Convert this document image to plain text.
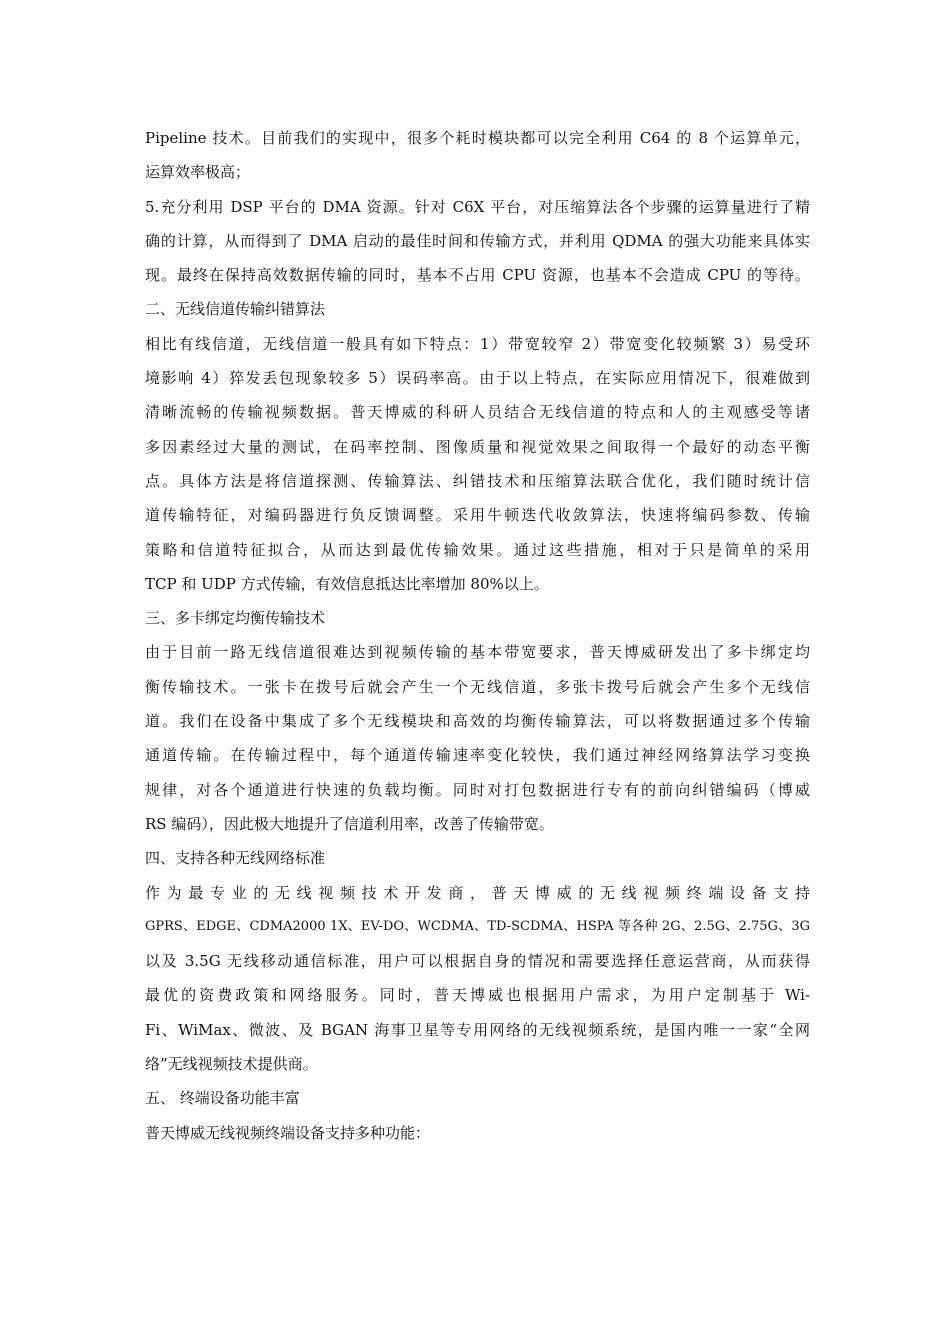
Pipeline 技术。目前我们的实现中，很多个耗时模块都可以完全利用 C64 的 8 个运算单元，
运算效率极高；
5.充分利用 DSP 平台的 DMA 资源。针对 C6X 平台，对压缩算法各个步骤的运算量进行了精
确的计算，从而得到了 DMA 启动的最佳时间和传输方式，并利用 QDMA 的强大功能来具体实
现。最终在保持高效数据传输的同时，基本不占用 CPU 资源，也基本不会造成 CPU 的等待。
二、无线信道传输纠错算法
相比有线信道，无线信道一般具有如下特点：1）带宽较窄 2）带宽变化较频繁 3）易受环
境影响 4）猝发丢包现象较多 5）误码率高。由于以上特点，在实际应用情况下，很难做到
清晰流畅的传输视频数据。普天博威的科研人员结合无线信道的特点和人的主观感受等诸
多因素经过大量的测试，在码率控制、图像质量和视觉效果之间取得一个最好的动态平衡
点。具体方法是将信道探测、传输算法、纠错技术和压缩算法联合优化，我们随时统计信
道传输特征，对编码器进行负反馈调整。采用牛顿迭代收敛算法，快速将编码参数、传输
策略和信道特征拟合，从而达到最优传输效果。通过这些措施，相对于只是简单的采用
TCP 和 UDP 方式传输，有效信息抵达比率增加 80%以上。
三、多卡绑定均衡传输技术
由于目前一路无线信道很难达到视频传输的基本带宽要求，普天博威研发出了多卡绑定均
衡传输技术。一张卡在拨号后就会产生一个无线信道，多张卡拨号后就会产生多个无线信
道。我们在设备中集成了多个无线模块和高效的均衡传输算法，可以将数据通过多个传输
通道传输。在传输过程中，每个通道传输速率变化较快，我们通过神经网络算法学习变换
规律，对各个通道进行快速的负载均衡。同时对打包数据进行专有的前向纠错编码（博威
RS 编码），因此极大地提升了信道利用率，改善了传输带宽。
四、支持各种无线网络标准
作为最专业的无线视频技术开发商，普天博威的无线视频终端设备支持
GPRS、EDGE、CDMA2000 1X、EV-DO、WCDMA、TD-SCDMA、HSPA 等各种 2G、2.5G、2.75G、3G
以及 3.5G 无线移动通信标准，用户可以根据自身的情况和需要选择任意运营商，从而获得
最优的资费政策和网络服务。同时，普天博威也根据用户需求，为用户定制基于 Wi-
Fi、WiMax、微波、及 BGAN 海事卫星等专用网络的无线视频系统，是国内唯一一家“全网
络”无线视频技术提供商。
五、 终端设备功能丰富
普天博威无线视频终端设备支持多种功能：
